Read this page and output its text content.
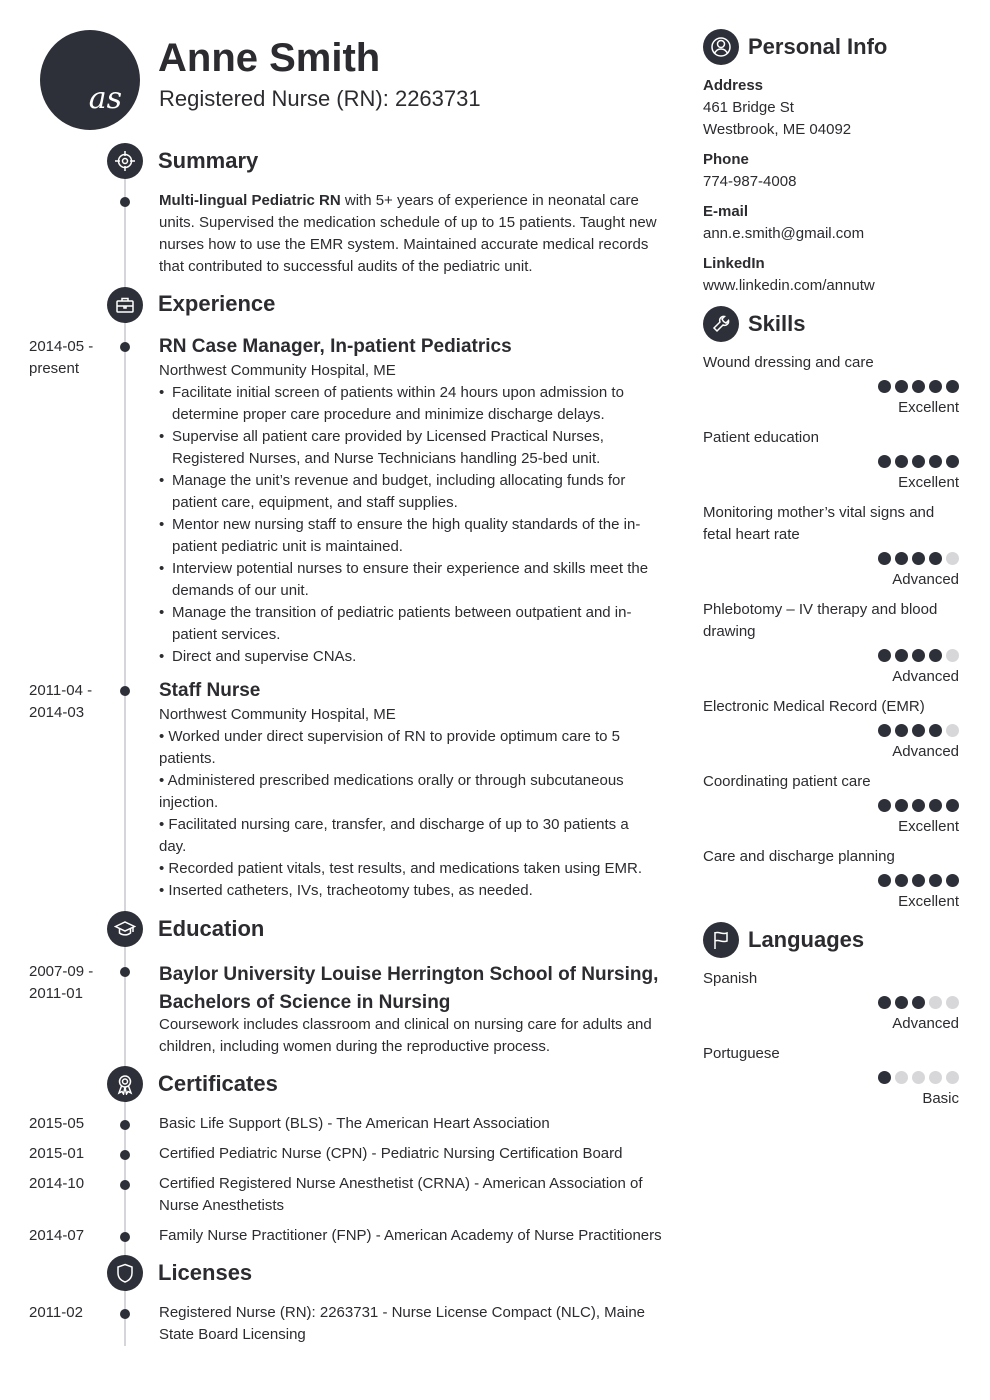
as
Anne Smith
Registered Nurse (RN): 2263731
Summary
Multi-lingual Pediatric RN with 5+ years of experience in neonatal care units. Supervised the medication schedule of up to 15 patients. Taught new nurses how to use the EMR system. Maintained accurate medical records that contributed to successful audits of the pediatric unit.
Experience
2014-05 - present
RN Case Manager, In-patient Pediatrics
Northwest Community Hospital, ME
• Facilitate initial screen of patients within 24 hours upon admission to determine proper care procedure and minimize discharge delays.
• Supervise all patient care provided by Licensed Practical Nurses, Registered Nurses, and Nurse Technicians handling 25-bed unit.
• Manage the unit’s revenue and budget, including allocating funds for patient care, equipment, and staff supplies.
• Mentor new nursing staff to ensure the high quality standards of the in-patient pediatric unit is maintained.
• Interview potential nurses to ensure their experience and skills meet the demands of our unit.
• Manage the transition of pediatric patients between outpatient and in-patient services.
• Direct and supervise CNAs.
2011-04 - 2014-03
Staff Nurse
Northwest Community Hospital, ME
• Worked under direct supervision of RN to provide optimum care to 5 patients.
• Administered prescribed medications orally or through subcutaneous injection.
• Facilitated nursing care, transfer, and discharge of up to 30 patients a day.
• Recorded patient vitals, test results, and medications taken using EMR.
• Inserted catheters, IVs, tracheotomy tubes, as needed.
Education
2007-09 - 2011-01
Baylor University Louise Herrington School of Nursing,
Bachelors of Science in Nursing
Coursework includes classroom and clinical on nursing care for adults and children, including women during the reproductive process.
Certificates
2015-05	Basic Life Support (BLS) - The American Heart Association
2015-01	Certified Pediatric Nurse (CPN) - Pediatric Nursing Certification Board
2014-10	Certified Registered Nurse Anesthetist (CRNA) - American Association of Nurse Anesthetists
2014-07	Family Nurse Practitioner (FNP) - American Academy of Nurse Practitioners
Licenses
2011-02	Registered Nurse (RN): 2263731 - Nurse License Compact (NLC), Maine State Board Licensing
Personal Info
Address
461 Bridge St
Westbrook, ME 04092
Phone
774-987-4008
E-mail
ann.e.smith@gmail.com
LinkedIn
www.linkedin.com/annutw
Skills
Wound dressing and care
Excellent
Patient education
Excellent
Monitoring mother’s vital signs and fetal heart rate
Advanced
Phlebotomy – IV therapy and blood drawing
Advanced
Electronic Medical Record (EMR)
Advanced
Coordinating patient care
Excellent
Care and discharge planning
Excellent
Languages
Spanish
Advanced
Portuguese
Basic
